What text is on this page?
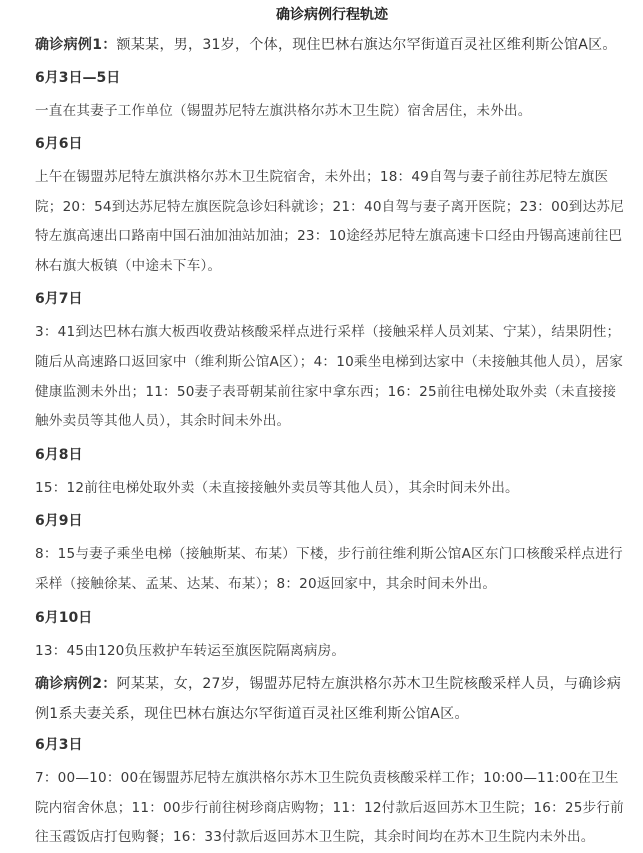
确诊病例行程轨迹

确诊病例1：额某某，男，31岁，个体，现住巴林右旗达尔罕街道百灵社区维利斯公馆A区。

6月3日—5日

一直在其妻子工作单位（锡盟苏尼特左旗洪格尔苏木卫生院）宿舍居住，未外出。

6月6日

上午在锡盟苏尼特左旗洪格尔苏木卫生院宿舍，未外出；18：49自驾与妻子前往苏尼特左旗医院；20：54到达苏尼特左旗医院急诊妇科就诊；21：40自驾与妻子离开医院；23：00到达苏尼特左旗高速出口路南中国石油加油站加油；23：10途经苏尼特左旗高速卡口经由丹锡高速前往巴林右旗大板镇（中途未下车）。

6月7日

3：41到达巴林右旗大板西收费站核酸采样点进行采样（接触采样人员刘某、宁某），结果阴性；随后从高速路口返回家中（维利斯公馆A区）；4：10乘坐电梯到达家中（未接触其他人员），居家健康监测未外出；11：50妻子表哥朝某前往家中拿东西；16：25前往电梯处取外卖（未直接接触外卖员等其他人员），其余时间未外出。

6月8日

15：12前往电梯处取外卖（未直接接触外卖员等其他人员），其余时间未外出。

6月9日

8：15与妻子乘坐电梯（接触斯某、布某）下楼，步行前往维利斯公馆A区东门口核酸采样点进行采样（接触徐某、孟某、达某、布某）；8：20返回家中，其余时间未外出。

6月10日

13：45由120负压救护车转运至旗医院隔离病房。

确诊病例2：阿某某，女，27岁，锡盟苏尼特左旗洪格尔苏木卫生院核酸采样人员，与确诊病例1系夫妻关系，现住巴林右旗达尔罕街道百灵社区维利斯公馆A区。

6月3日

7：00—10：00在锡盟苏尼特左旗洪格尔苏木卫生院负责核酸采样工作；10:00—11:00在卫生院内宿舍休息；11：00步行前往树珍商店购物；11：12付款后返回苏木卫生院；16：25步行前往玉霞饭店打包购餐；16：33付款后返回苏木卫生院，其余时间均在苏木卫生院内未外出。
